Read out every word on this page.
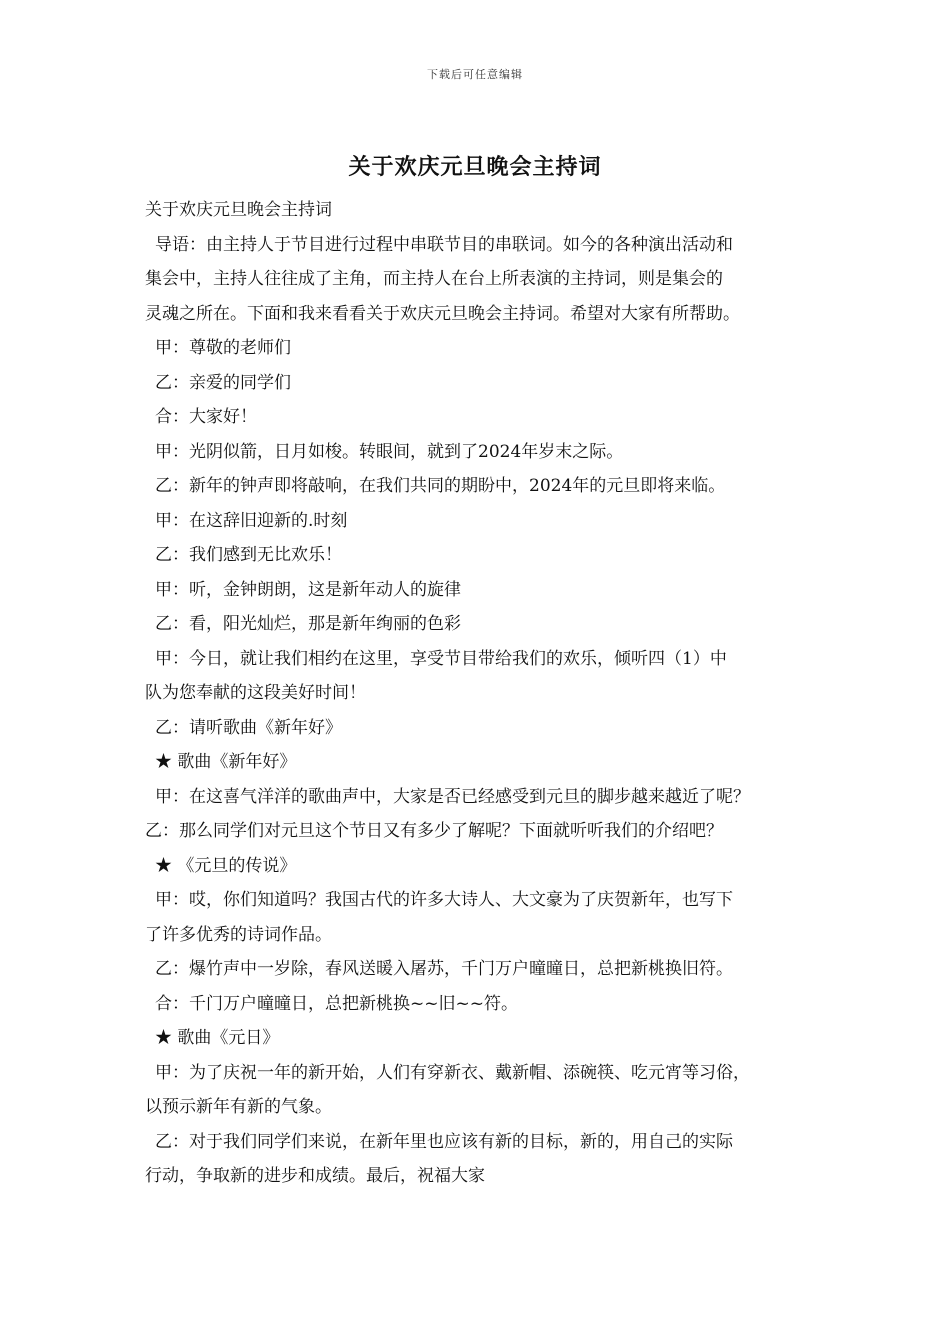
下载后可任意编辑
关于欢庆元旦晚会主持词
关于欢庆元旦晚会主持词
导语：由主持人于节目进行过程中串联节目的串联词。如今的各种演出活动和
集会中，主持人往往成了主角，而主持人在台上所表演的主持词，则是集会的
灵魂之所在。下面和我来看看关于欢庆元旦晚会主持词。希望对大家有所帮助。
甲：尊敬的老师们
乙：亲爱的同学们
合：大家好！
甲：光阴似箭，日月如梭。转眼间，就到了2024年岁末之际。
乙：新年的钟声即将敲响，在我们共同的期盼中，2024年的元旦即将来临。
甲：在这辞旧迎新的.时刻
乙：我们感到无比欢乐！
甲：听，金钟朗朗，这是新年动人的旋律
乙：看，阳光灿烂，那是新年绚丽的色彩
甲：今日，就让我们相约在这里，享受节目带给我们的欢乐，倾听四（1）中
队为您奉献的这段美好时间！
乙：请听歌曲《新年好》
★ 歌曲《新年好》
甲：在这喜气洋洋的歌曲声中，大家是否已经感受到元旦的脚步越来越近了呢？
乙：那么同学们对元旦这个节日又有多少了解呢？下面就听听我们的介绍吧？
★ 《元旦的传说》
甲：哎，你们知道吗？我国古代的许多大诗人、大文豪为了庆贺新年，也写下
了许多优秀的诗词作品。
乙：爆竹声中一岁除，春风送暖入屠苏，千门万户曈曈日，总把新桃换旧符。
合：千门万户曈曈日，总把新桃换~~旧~~符。
★ 歌曲《元日》
甲：为了庆祝一年的新开始，人们有穿新衣、戴新帽、添碗筷、吃元宵等习俗，
以预示新年有新的气象。
乙：对于我们同学们来说，在新年里也应该有新的目标，新的，用自己的实际
行动，争取新的进步和成绩。最后，祝福大家
